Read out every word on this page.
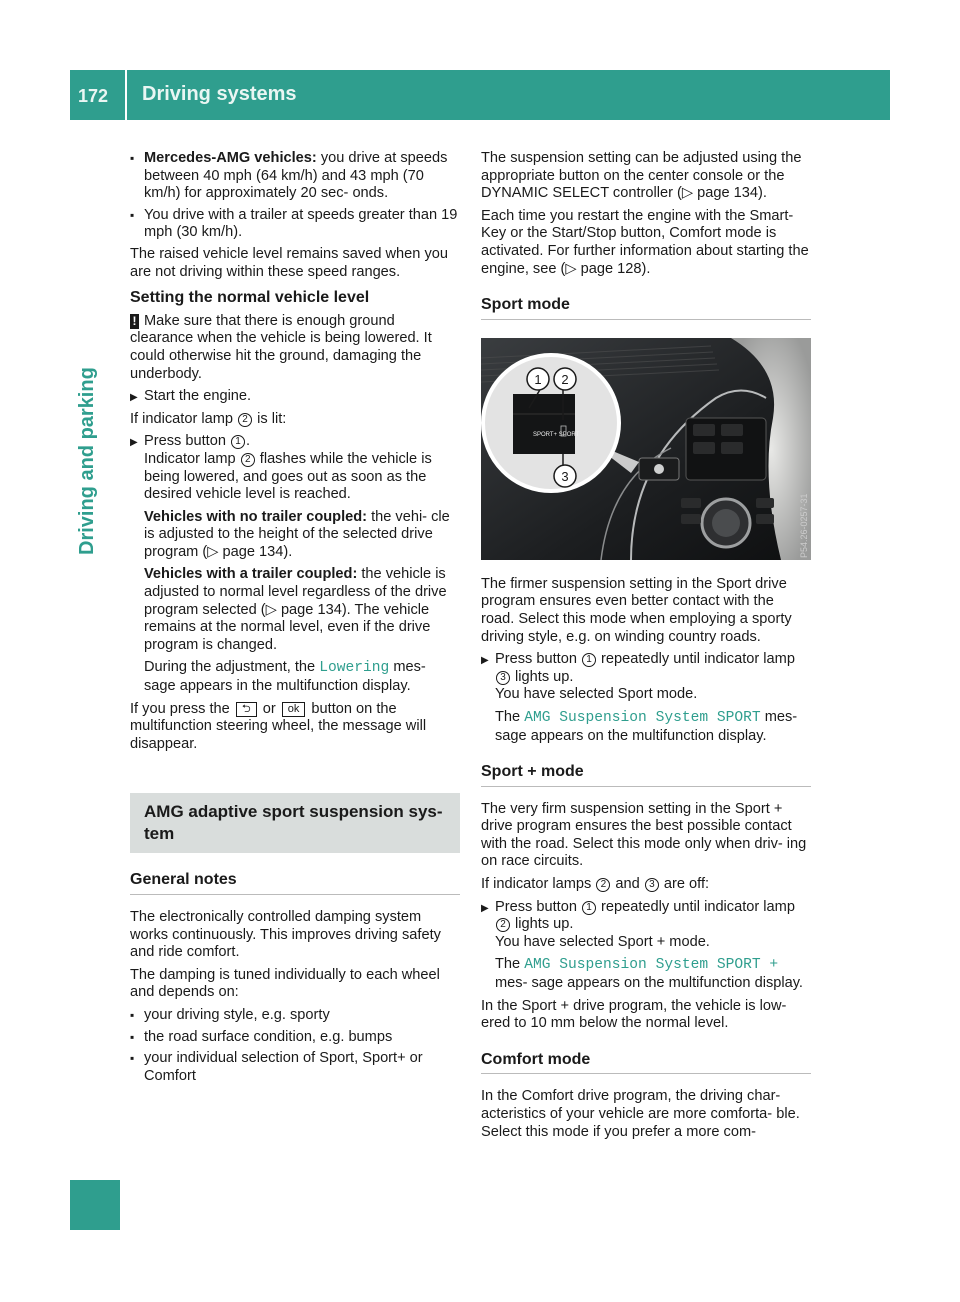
172 Driving systems
Driving and parking
▪ Mercedes-AMG vehicles: you drive at speeds between 40 mph (64 km/h) and 43 mph (70 km/h) for approximately 20 sec- onds.
▪ You drive with a trailer at speeds greater than 19 mph (30 km/h).

The raised vehicle level remains saved when you are not driving within these speed ranges.

Setting the normal vehicle level

! Make sure that there is enough ground clearance when the vehicle is being lowered. It could otherwise hit the ground, damaging the underbody.

▶ Start the engine.

If indicator lamp 2 is lit:

▶ Press button 1 .
Indicator lamp 2 flashes while the vehicle is being lowered, and goes out as soon as the desired vehicle level is reached.

Vehicles with no trailer coupled: the vehi- cle is adjusted to the height of the selected drive program (▷ page 134).

Vehicles with a trailer coupled: the vehicle is adjusted to normal level regardless of the drive program selected (▷ page 134). The vehicle remains at the normal level, even if the drive program is changed.

During the adjustment, the Lowering mes- sage appears in the multifunction display.

If you press the ⮌ or ok button on the multifunction steering wheel, the message will disappear.

AMG adaptive sport suspension sys- tem
General notes

The electronically controlled damping system works continuously. This improves driving safety and ride comfort.

The damping is tuned individually to each wheel and depends on:

▪ your driving style, e.g. sporty
▪ the road surface condition, e.g. bumps
▪ your individual selection of Sport, Sport+ or Comfort

The suspension setting can be adjusted using the appropriate button on the center console or the DYNAMIC SELECT controller (▷ page 134).

Each time you restart the engine with the Smart- Key or the Start/Stop button, Comfort mode is activated. For further information about starting the engine, see (▷ page 128).

Sport mode
SPORT+ SPORT
1 2
3
P54.26-0257-31

The firmer suspension setting in the Sport drive program ensures even better contact with the road. Select this mode when employing a sporty driving style, e.g. on winding country roads.

▶ Press button 1 repeatedly until indicator lamp 3 lights up.
You have selected Sport mode.

The AMG Suspension System SPORT mes- sage appears on the multifunction display.

Sport + mode

The very firm suspension setting in the Sport + drive program ensures the best possible contact with the road. Select this mode only when driv- ing on race circuits.

If indicator lamps 2 and 3 are off:

▶ Press button 1 repeatedly until indicator lamp 2 lights up.
You have selected Sport + mode.

The AMG Suspension System SPORT + mes- sage appears on the multifunction display.

In the Sport + drive program, the vehicle is low- ered to 10 mm below the normal level.

Comfort mode

In the Comfort drive program, the driving char- acteristics of your vehicle are more comforta- ble. Select this mode if you prefer a more com-
